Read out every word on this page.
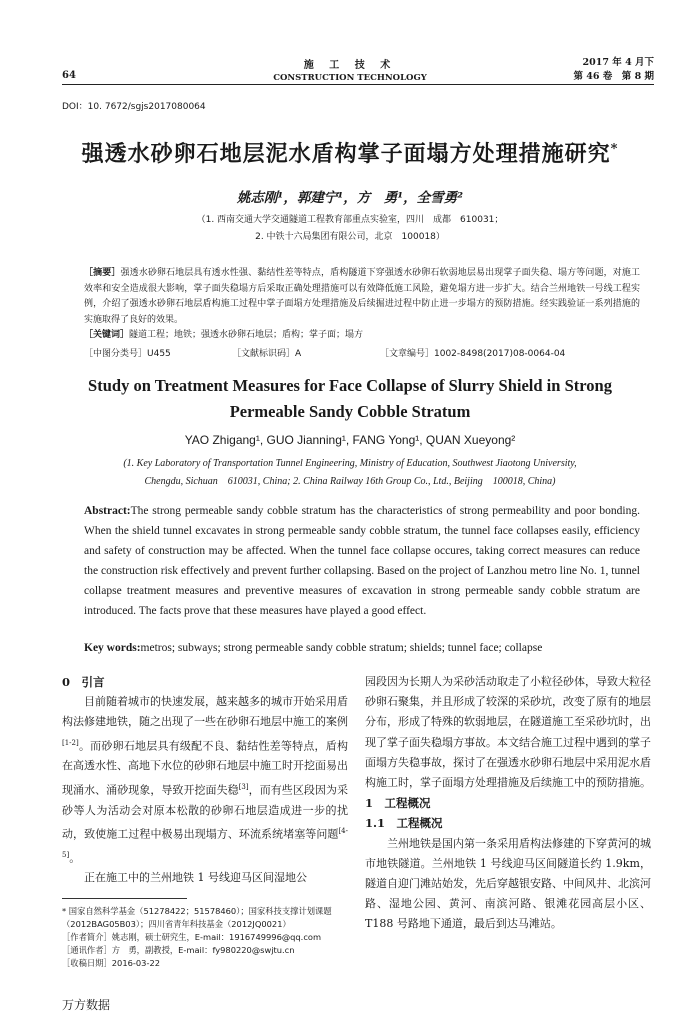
64
施 工 技 术
CONSTRUCTION TECHNOLOGY
2017 年 4 月下
第 46 卷　第 8 期
DOI：10. 7672/sgjs2017080064
强透水砂卵石地层泥水盾构掌子面塌方处理措施研究*
姚志刚¹，郭建宁¹，方　勇¹，全雪勇²
（1. 西南交通大学交通隧道工程教育部重点实验室，四川　成都　610031；
2. 中铁十六局集团有限公司，北京　100018）
［摘要］强透水砂卵石地层具有透水性强、黏结性差等特点，盾构隧道下穿强透水砂卵石软弱地层易出现掌子面失稳、塌方等问题，对施工效率和安全造成很大影响，掌子面失稳塌方后采取正确处理措施可以有效降低施工风险，避免塌方进一步扩大。结合兰州地铁一号线工程实例，介绍了强透水砂卵石地层盾构施工过程中掌子面塌方处理措施及后续掘进过程中防止进一步塌方的预防措施。经实践验证一系列措施的实施取得了良好的效果。
［关键词］隧道工程；地铁；强透水砂卵石地层；盾构；掌子面；塌方
［中图分类号］U455	［文献标识码］A	［文章编号］1002-8498(2017)08-0064-04
Study on Treatment Measures for Face Collapse of Slurry Shield in Strong Permeable Sandy Cobble Stratum
YAO Zhigang¹, GUO Jianning¹, FANG Yong¹, QUAN Xueyong²
(1. Key Laboratory of Transportation Tunnel Engineering, Ministry of Education, Southwest Jiaotong University,
Chengdu, Sichuan　610031, China; 2. China Railway 16th Group Co., Ltd., Beijing　100018, China)
Abstract:The strong permeable sandy cobble stratum has the characteristics of strong permeability and poor bonding. When the shield tunnel excavates in strong permeable sandy cobble stratum, the tunnel face collapses easily, efficiency and safety of construction may be affected. When the tunnel face collapse occures, taking correct measures can reduce the construction risk effectively and prevent further collapsing. Based on the project of Lanzhou metro line No. 1, tunnel collapse treatment measures and preventive measures of excavation in strong permeable sandy cobble stratum are introduced. The facts prove that these measures have played a good effect.
Key words:metros; subways; strong permeable sandy cobble stratum; shields; tunnel face; collapse
0　引言

目前随着城市的快速发展，越来越多的城市开始采用盾构法修建地铁，随之出现了一些在砂卵石地层中施工的案例[1-2]。而砂卵石地层具有级配不良、黏结性差等特点，盾构在高透水性、高地下水位的砂卵石地层中施工时开挖面易出现涌水、涌砂现象，导致开挖面失稳[3]，而有些区段因为采砂等人为活动会对原本松散的砂卵石地层造成进一步的扰动，致使施工过程中极易出现塌方、环流系统堵塞等问题[4-5]。

正在施工中的兰州地铁 1 号线迎马区间湿地公

园段因为长期人为采砂活动取走了小粒径砂体，导致大粒径砂卵石聚集，并且形成了较深的采砂坑，改变了原有的地层分布，形成了特殊的软弱地层，在隧道施工至采砂坑时，出现了掌子面失稳塌方事故。本文结合施工过程中遇到的掌子面塌方失稳事故，探讨了在强透水砂卵石地层中采用泥水盾构施工时，掌子面塌方处理措施及后续施工中的预防措施。

1　工程概况
1.1　工程概况

兰州地铁是国内第一条采用盾构法修建的下穿黄河的城市地铁隧道。兰州地铁 1 号线迎马区间隧道长约 1.9km，隧道自迎门滩站始发，先后穿越银安路、中间风井、北滨河路、湿地公园、黄河、南滨河路、银滩花园高层小区、T188 号路地下通道，最后到达马滩站。

* 国家自然科学基金（51278422；51578460）；国家科技支撑计划课题（2012BAG05B03）；四川省青年科技基金（2012JQ0021）
［作者简介］姚志刚，硕士研究生，E-mail：1916749996@qq.com
［通讯作者］方　勇，副教授，E-mail：fy980220@swjtu.cn
［收稿日期］2016-03-22
万方数据
